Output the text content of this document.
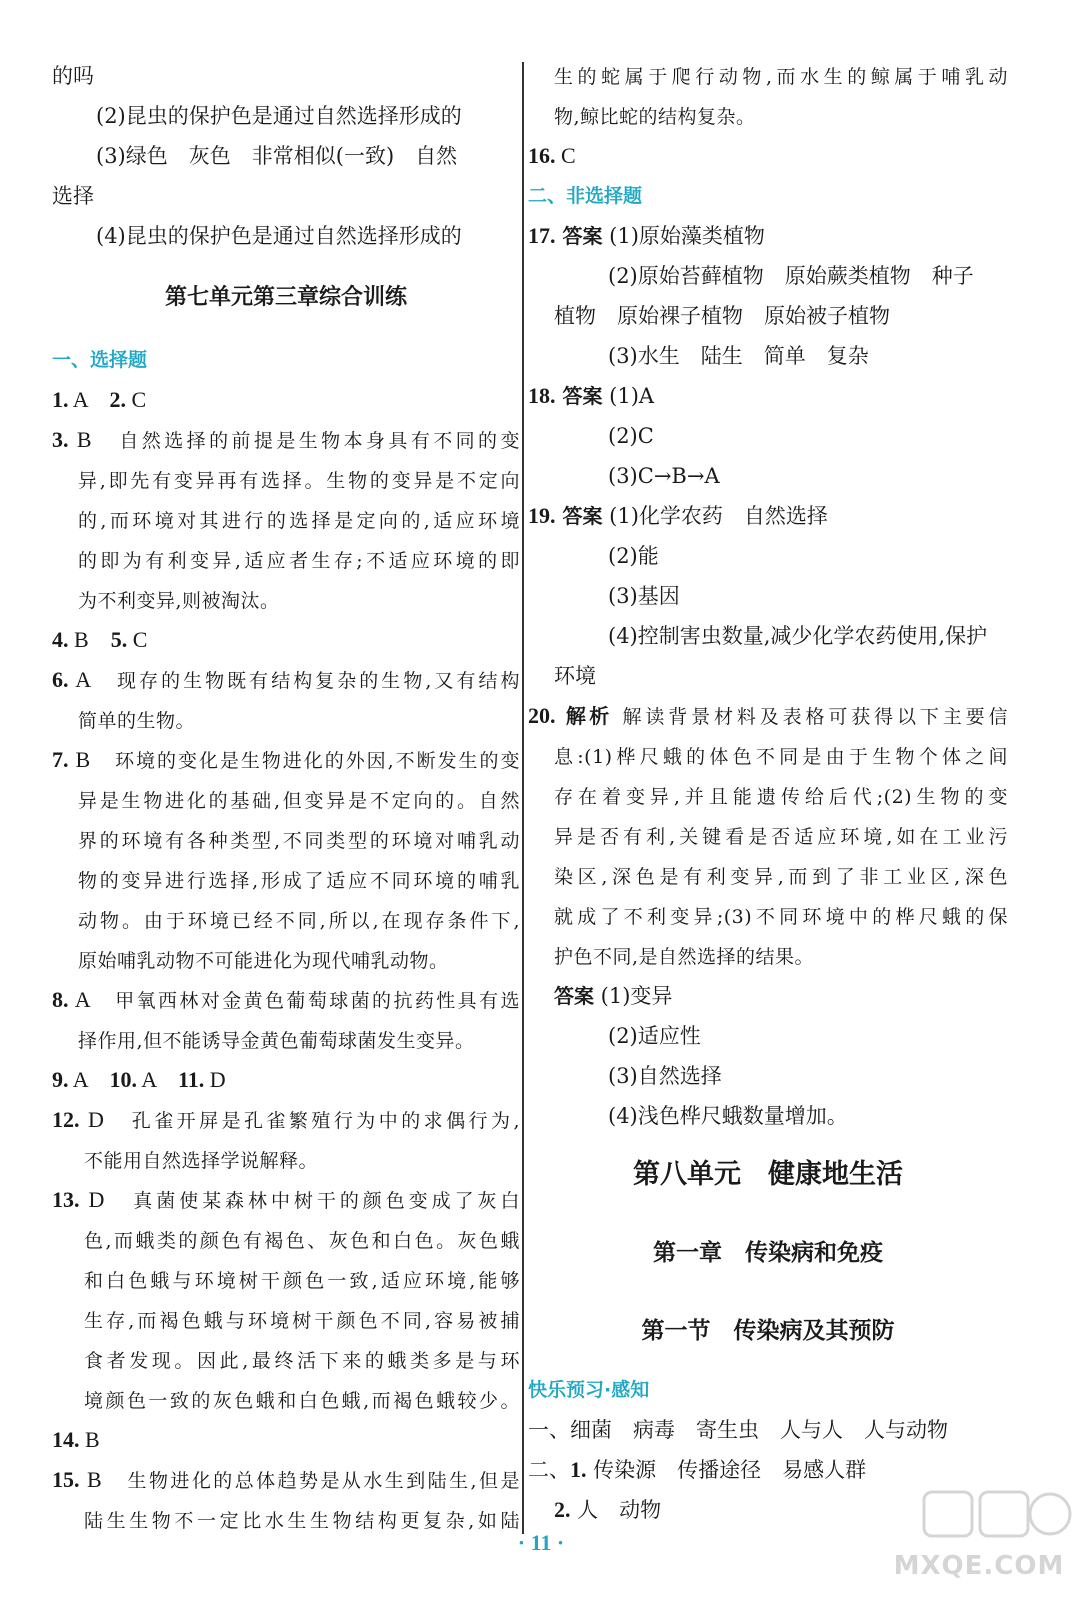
的吗
(2)昆虫的保护色是通过自然选择形成的
(3)绿色　灰色　非常相似(一致)　自然
选择
(4)昆虫的保护色是通过自然选择形成的
第七单元第三章综合训练
一、选择题
1. A　2. C
3. B　自然选择的前提是生物本身具有不同的变
异,即先有变异再有选择。生物的变异是不定向
的,而环境对其进行的选择是定向的,适应环境
的即为有利变异,适应者生存;不适应环境的即
为不利变异,则被淘汰。
4. B　5. C
6. A　现存的生物既有结构复杂的生物,又有结构
简单的生物。
7. B　环境的变化是生物进化的外因,不断发生的变
异是生物进化的基础,但变异是不定向的。自然
界的环境有各种类型,不同类型的环境对哺乳动
物的变异进行选择,形成了适应不同环境的哺乳
动物。由于环境已经不同,所以,在现存条件下,
原始哺乳动物不可能进化为现代哺乳动物。
8. A　甲氧西林对金黄色葡萄球菌的抗药性具有选
择作用,但不能诱导金黄色葡萄球菌发生变异。
9. A　10. A　11. D
12. D　孔雀开屏是孔雀繁殖行为中的求偶行为,
不能用自然选择学说解释。
13. D　真菌使某森林中树干的颜色变成了灰白
色,而蛾类的颜色有褐色、灰色和白色。灰色蛾
和白色蛾与环境树干颜色一致,适应环境,能够
生存,而褐色蛾与环境树干颜色不同,容易被捕
食者发现。因此,最终活下来的蛾类多是与环
境颜色一致的灰色蛾和白色蛾,而褐色蛾较少。
14. B
15. B　生物进化的总体趋势是从水生到陆生,但是
陆生生物不一定比水生生物结构更复杂,如陆
生的蛇属于爬行动物,而水生的鲸属于哺乳动
物,鲸比蛇的结构复杂。
16. C
二、非选择题
17. 答案 (1)原始藻类植物
(2)原始苔藓植物　原始蕨类植物　种子
植物　原始裸子植物　原始被子植物
(3)水生　陆生　简单　复杂
18. 答案 (1)A
(2)C
(3)C→B→A
19. 答案 (1)化学农药　自然选择
(2)能
(3)基因
(4)控制害虫数量,减少化学农药使用,保护
环境
20. 解析 解读背景材料及表格可获得以下主要信
息:(1)桦尺蛾的体色不同是由于生物个体之间
存在着变异,并且能遗传给后代;(2)生物的变
异是否有利,关键看是否适应环境,如在工业污
染区,深色是有利变异,而到了非工业区,深色
就成了不利变异;(3)不同环境中的桦尺蛾的保
护色不同,是自然选择的结果。
答案 (1)变异
(2)适应性
(3)自然选择
(4)浅色桦尺蛾数量增加。
第八单元　健康地生活
第一章　传染病和免疫
第一节　传染病及其预防
快乐预习·感知
一、细菌　病毒　寄生虫　人与人　人与动物
二、1. 传染源　传播途径　易感人群
2. 人　动物
· 11 ·
MXQE.COM
